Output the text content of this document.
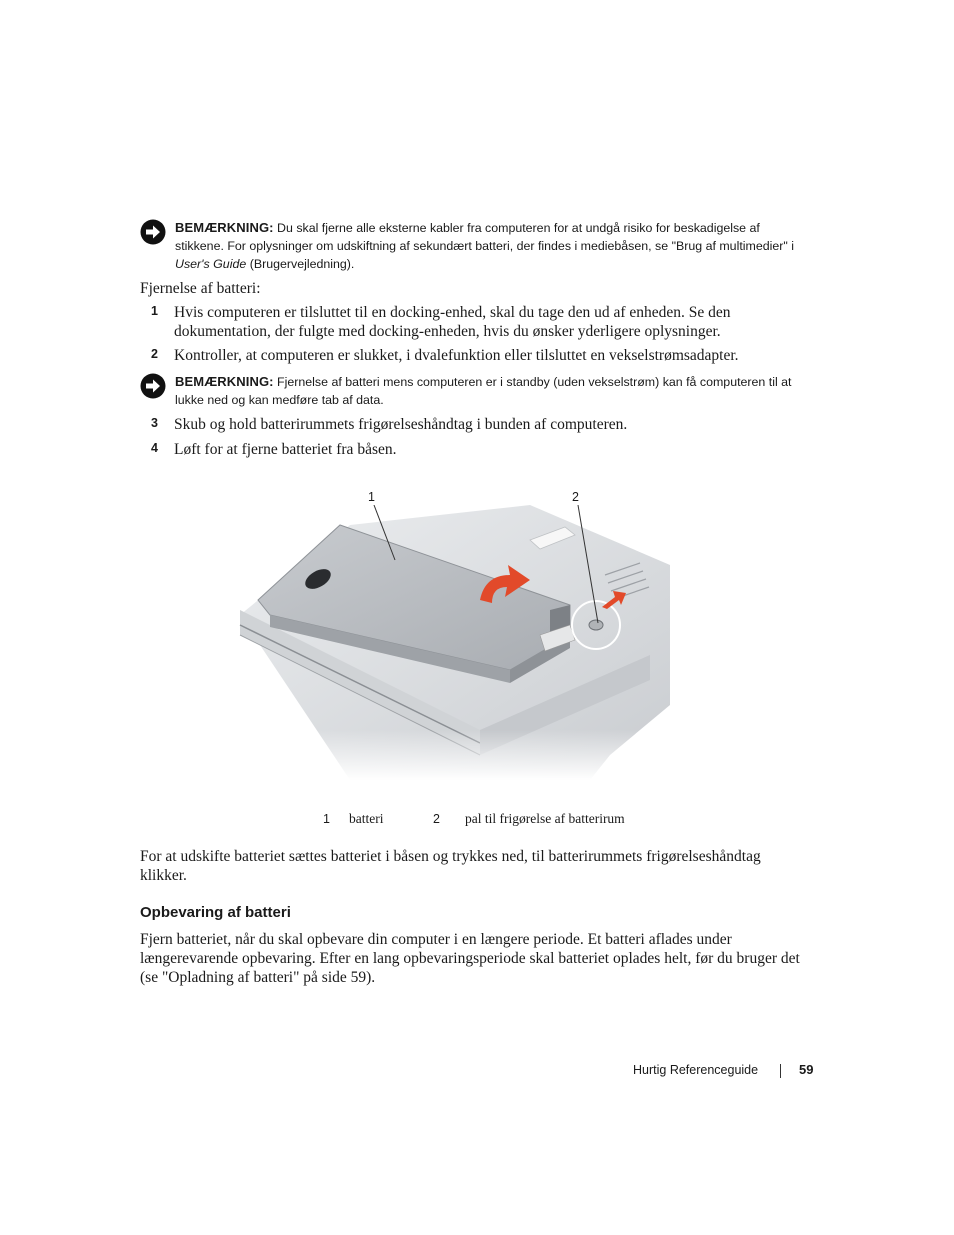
BEMÆRKNING: Du skal fjerne alle eksterne kabler fra computeren for at undgå risiko for beskadigelse af stikkene. For oplysninger om udskiftning af sekundært batteri, der findes i mediebåsen, se "Brug af multimedier" i User's Guide (Brugervejledning).
Fjernelse af batteri:
1 Hvis computeren er tilsluttet til en docking-enhed, skal du tage den ud af enheden. Se den dokumentation, der fulgte med docking-enheden, hvis du ønsker yderligere oplysninger.
2 Kontroller, at computeren er slukket, i dvalefunktion eller tilsluttet en vekselstrømsadapter.
BEMÆRKNING: Fjernelse af batteri mens computeren er i standby (uden vekselstrøm) kan få computeren til at lukke ned og kan medføre tab af data.
3 Skub og hold batterirummets frigørelseshåndtag i bunden af computeren.
4 Løft for at fjerne batteriet fra båsen.
1	2
1 batteri	2 pal til frigørelse af batterirum
For at udskifte batteriet sættes batteriet i båsen og trykkes ned, til batterirummets frigørelseshåndtag klikker.
Opbevaring af batteri
Fjern batteriet, når du skal opbevare din computer i en længere periode. Et batteri aflades under længerevarende opbevaring. Efter en lang opbevaringsperiode skal batteriet oplades helt, før du bruger det (se "Opladning af batteri" på side 59).
Hurtig Referenceguide	59
